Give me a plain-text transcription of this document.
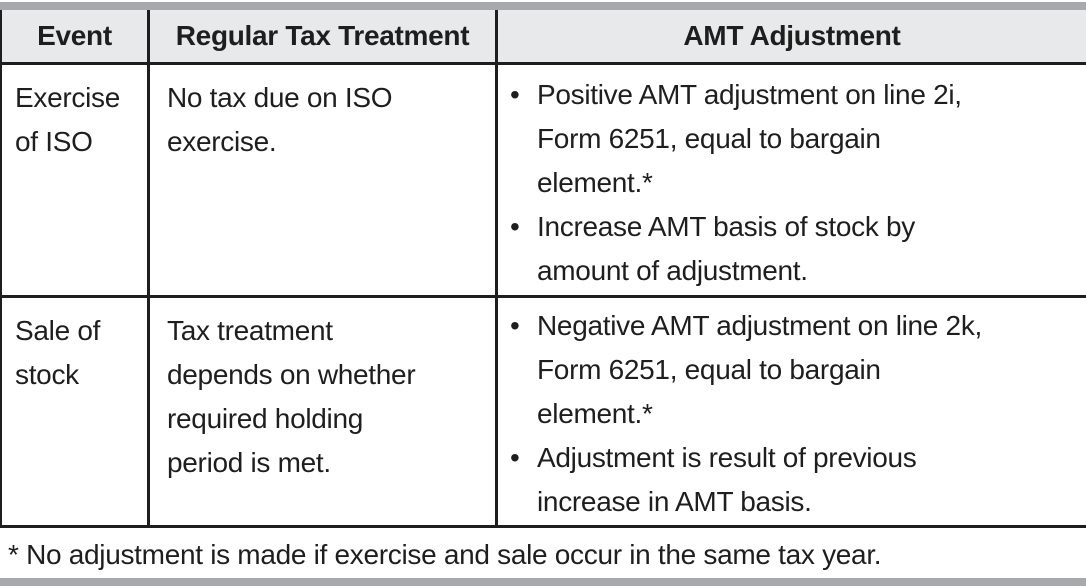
Event Regular Tax Treatment	AMT Adjustment
Exercise
of ISO
No tax due on ISO
exercise.
• Positive AMT adjustment on line 2i,
Form 6251, equal to bargain
element.*
• Increase AMT basis of stock by
amount of adjustment.
Sale of
stock
Tax treatment
depends on whether
required holding
period is met.
• Negative AMT adjustment on line 2k,
Form 6251, equal to bargain
element.*
• Adjustment is result of previous
increase in AMT basis.
* No adjustment is made if exercise and sale occur in the same tax year.
